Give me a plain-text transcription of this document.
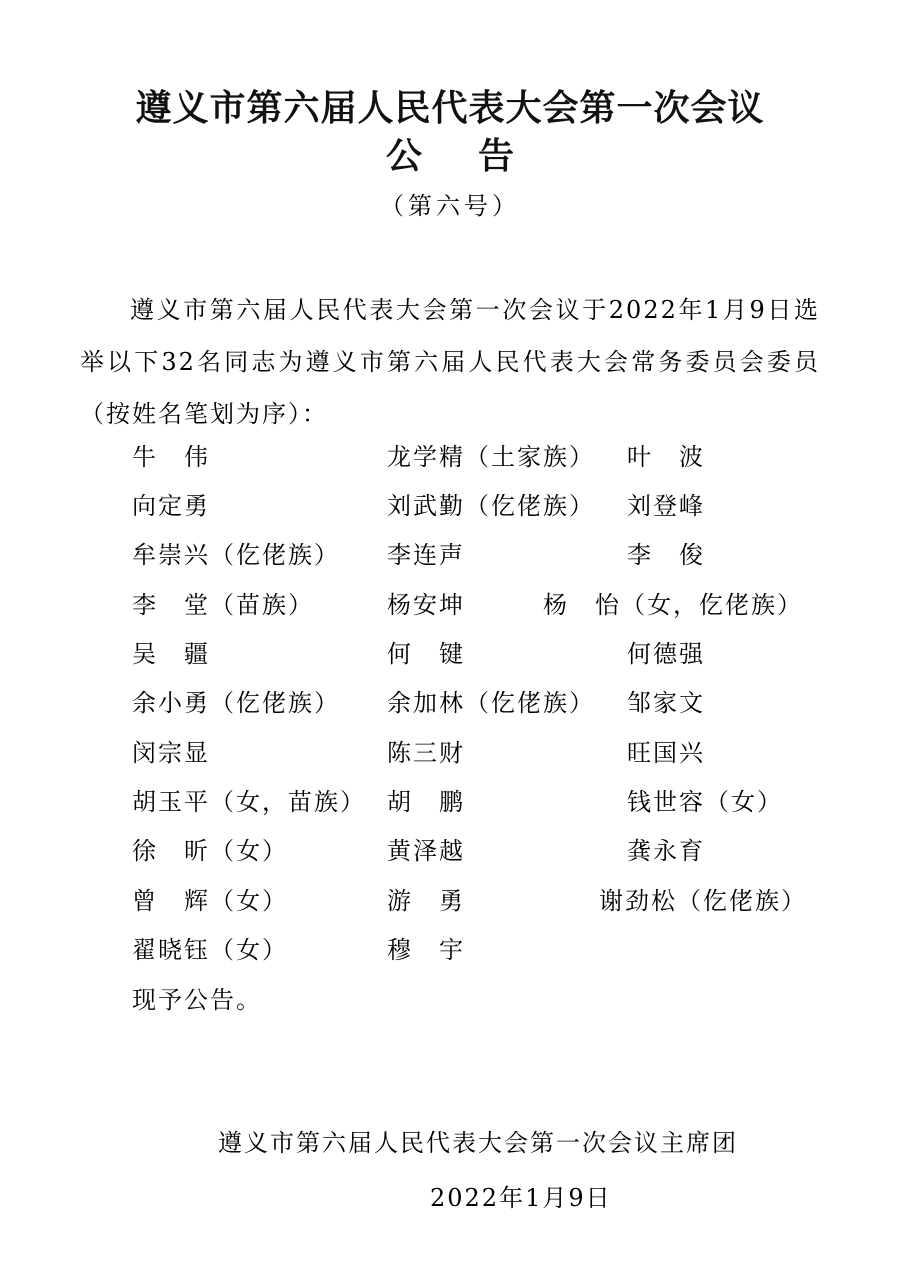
遵义市第六届人民代表大会第一次会议
公告
（第六号）

遵义市第六届人民代表大会第一次会议于2022年1月9日选举以下32名同志为遵义市第六届人民代表大会常务委员会委员（按姓名笔划为序）：

牛　伟	龙学精（土家族） 叶　波
向定勇	刘武勤（仡佬族） 刘登峰
牟崇兴（仡佬族） 李连声	李　俊
李　堂（苗族）	杨安坤	杨　怡（女，仡佬族）
吴　疆	何　键	何德强
余小勇（仡佬族） 余加林（仡佬族） 邹家文
闵宗显	陈三财	旺国兴
胡玉平（女，苗族） 胡　鹏	钱世容（女）
徐　昕（女）	黄泽越	龚永育
曾　辉（女）	游　勇	谢劲松（仡佬族）
翟晓钰（女）	穆　宇
现予公告。
遵义市第六届人民代表大会第一次会议主席团
2022年1月9日
